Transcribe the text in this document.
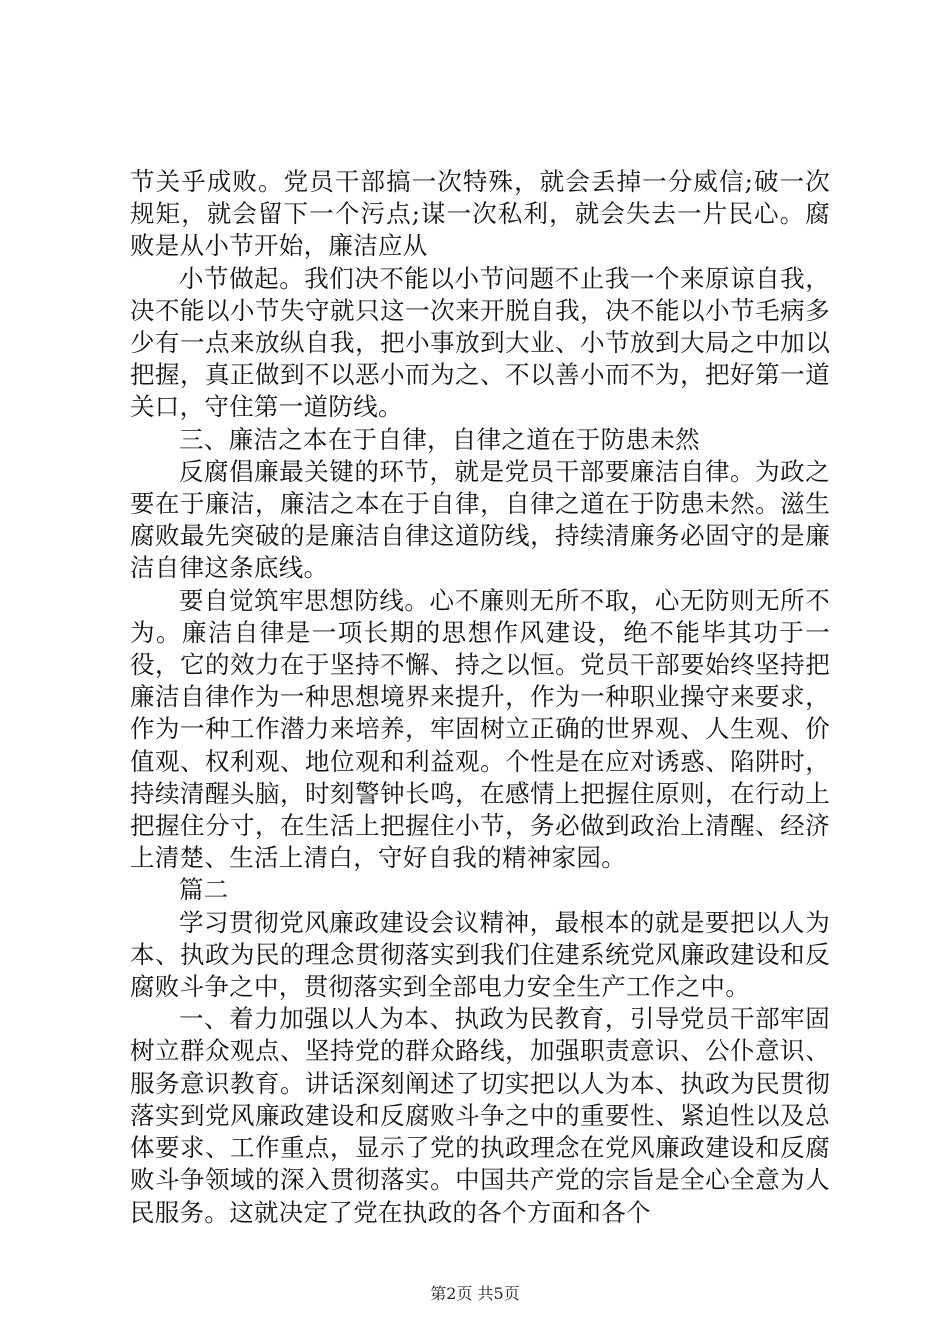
节关乎成败。党员干部搞一次特殊，就会丢掉一分威信;破一次规矩，就会留下一个污点;谋一次私利，就会失去一片民心。腐败是从小节开始，廉洁应从

小节做起。我们决不能以小节问题不止我一个来原谅自我，决不能以小节失守就只这一次来开脱自我，决不能以小节毛病多少有一点来放纵自我，把小事放到大业、小节放到大局之中加以把握，真正做到不以恶小而为之、不以善小而不为，把好第一道关口，守住第一道防线。

三、廉洁之本在于自律，自律之道在于防患未然

反腐倡廉最关键的环节，就是党员干部要廉洁自律。为政之要在于廉洁，廉洁之本在于自律，自律之道在于防患未然。滋生腐败最先突破的是廉洁自律这道防线，持续清廉务必固守的是廉洁自律这条底线。

要自觉筑牢思想防线。心不廉则无所不取，心无防则无所不为。廉洁自律是一项长期的思想作风建设，绝不能毕其功于一役，它的效力在于坚持不懈、持之以恒。党员干部要始终坚持把廉洁自律作为一种思想境界来提升，作为一种职业操守来要求，作为一种工作潜力来培养，牢固树立正确的世界观、人生观、价值观、权利观、地位观和利益观。个性是在应对诱惑、陷阱时，持续清醒头脑，时刻警钟长鸣，在感情上把握住原则，在行动上把握住分寸，在生活上把握住小节，务必做到政治上清醒、经济上清楚、生活上清白，守好自我的精神家园。

篇二

学习贯彻党风廉政建设会议精神，最根本的就是要把以人为本、执政为民的理念贯彻落实到我们住建系统党风廉政建设和反腐败斗争之中，贯彻落实到全部电力安全生产工作之中。

一、着力加强以人为本、执政为民教育，引导党员干部牢固树立群众观点、坚持党的群众路线，加强职责意识、公仆意识、服务意识教育。讲话深刻阐述了切实把以人为本、执政为民贯彻落实到党风廉政建设和反腐败斗争之中的重要性、紧迫性以及总体要求、工作重点，显示了党的执政理念在党风廉政建设和反腐败斗争领域的深入贯彻落实。中国共产党的宗旨是全心全意为人民服务。这就决定了党在执政的各个方面和各个

第2页 共5页
